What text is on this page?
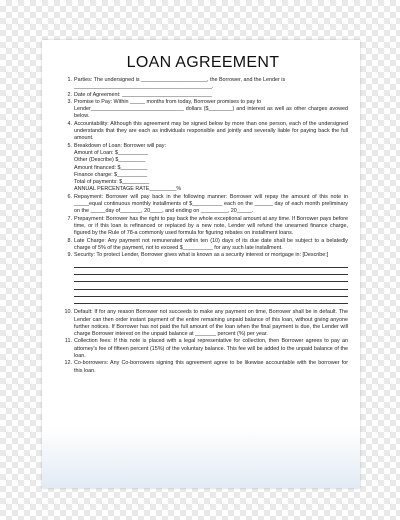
LOAN AGREEMENT
1. Parties: The undersigned is ______________________, the Borrower, and the Lender is
______________________________________________.
2. Date of Agreement: ______________________________
3. Promise to Pay: Within _____ months from today, Borrower promises to pay to
Lender_______________________________ dollars ($________) and interest as well as other charges avowed below.
4. Accountability: Although this agreement may be signed below by more than one person, each of the undersigned understands that they are each as individuals responsible and jointly and severally liable for paying back the full amount.
5. Breakdown of Loan: Borrower will pay:
Amount of Loan: $__________
Other (Describe) $_________
Amount financed: $_________
Finance charge: $__________
Total of payments: $_________
ANNUAL PERCENTAGE RATE_________%
6. Repayment: Borrower will pay back in the following manner: Borrower will repay the amount of this note in _____equal continuous monthly installments of $__________ each on the ______ day of each month preliminary on the _____day of_______, 20____, and ending on _________, 20_____.
7. Prepayment: Borrower has the right to pay back the whole exceptional amount at any time. If Borrower pays before time, or if this loan is refinanced or replaced by a new note, Lender will refund the unearned finance charge, figured by the Rule of 78-a commonly used formula for figuring rebates on installment loans.
8. Late Charge: Any payment not remunerated within ten (10) days of its due date shall be subject to a belatedly charge of 5% of the payment, not to exceed $__________ for any such late installment.
9. Security: To protect Lender, Borrower gives what is known as a security interest or mortgage in: [Describe:]
10. Default: If for any reason Borrower not succeeds to make any payment on time, Borrower shall be in default. The Lender can then order instant payment of the entire remaining unpaid balance of this loan, without giving anyone further notices. If Borrower has not paid the full amount of the loan when the final payment is due, the Lender will charge Borrower interest on the unpaid balance at _______ percent (%) per year.
11. Collection fees: If this note is placed with a legal representative for collection, then Borrower agrees to pay an attorney's fee of fifteen percent (15%) of the voluntary balance. This fee will be added to the unpaid balance of the loan.
12. Co-borrowers: Any Co-borrowers signing this agreement agree to be likewise accountable with the borrower for this loan.
